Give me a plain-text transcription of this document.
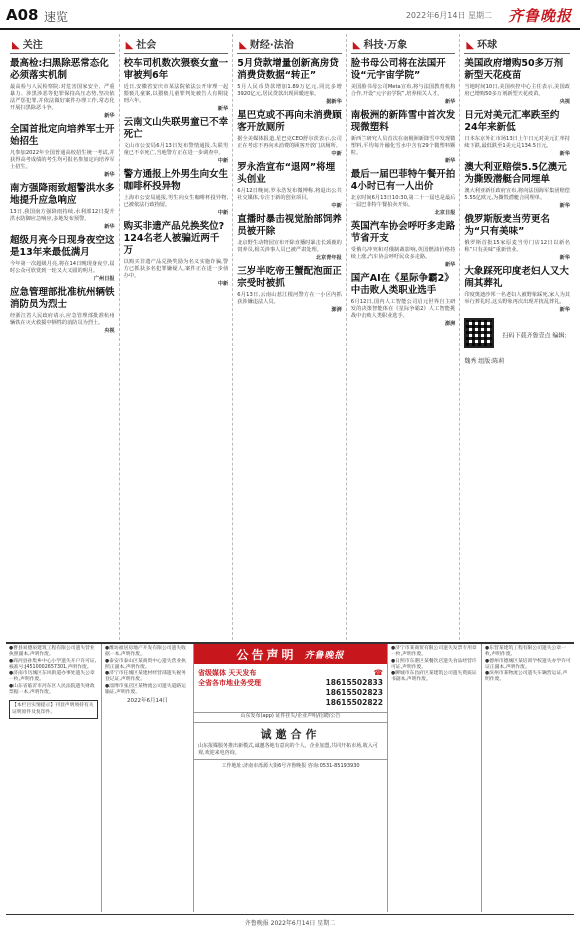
A08 速览	2022年6月14日 星期二 齐鲁晚报
◣ 关注
最高检:扫黑除恶常态化必须落实机制
最高检与人民检察院:对危害国家安全、严重暴力、涉黑涉恶等犯罪保持高压态势,坚决依法严惩犯罪,并依法做好案件办理工作,常态化开展扫黑除恶斗争。
新华
全国首批定向培养军士开始招生
凡参加2022年全国普通高校招生统一考试,并获得高考成绩的考生均可报名参加定向培养军士招生。
新华
南方强降雨致超警洪水多地提升应急响应
13日,我国南方强降雨持续,水利部12日提升洪水防御应急响应,多地发布预警。
新华
超级月亮今日现身夜空这是13年来最低满月
今年第一次超级月亮,将在14日晚现身夜空,届时公众可欣赏到一轮又大又圆的明月。
广州日报
应急管理部批准杭州辆铁消防员为烈士
经浙江省人民政府请示,应急管理部批准杭州辆铁在灭火救援中牺牲的消防员为烈士。
央视
◣ 社会
校车司机数次猥亵女童一审被判6年
近日,安徽省安庆市某法院依法公开审理一起猥亵儿童案,以猥亵儿童罪判处被告人有期徒刑六年。
新华
云南文山失联男童已不幸死亡
文山市公安局6月13日发布警情通报,失联男童已不幸死亡,当地警方正在进一步调查中。
中新
警方通报上外男生向女生咖啡杯投异物
上海市公安局通报,男生向女生咖啡杯投异物,已被依法行政拘留。
中新
购买非遗产品兑换奖位?124名老人被骗近两千万
以购买非遗产品兑换奖励为名义实施诈骗,警方已抓获多名犯罪嫌疑人,案件正在进一步侦办中。
中新
◣ 财经·法治
5月贷款增量创新高房贷消费贷数据“转正”
5月人民币贷款增加1.89万亿元,同比多增3920亿元,居民贷款出现回暖迹象。
据新华
星巴克或不再向未消费顾客开放厕所
据全美媒体报道,星巴克CEO舒尔茨表示,公司正在考虑不再向未消费的顾客开放门店厕所。
中新
罗永浩宣布“退网”将埋头创业
6月12日晚间,罗永浩发布微博称,将退出公共社交媒体,专注于新的创业项目。
中新
直播时暴击视觉胎部饲养员被开除
北京野生动物园宣布开除直播时暴击长颈鹿的饲养员,相关涉事人员已被严肃处理。
北京青年报
三岁半吃帝王蟹配泡面正宗受时被抓
6月13日,云南山惹江根河警方在一小区内抓获涉嫌违法人员。
澎湃
◣ 科技·万象
脸书母公司将在法国开设“元宇宙学院”
美国脸书母公司Meta宣布,将与法国教育机构合作,开设“元宇宙学院”,培养相关人才。
新华
南极洲的新阵雪中首次发现微塑料
新西兰研究人员首次在南极洲新降雪中发现微塑料,平均每升融化雪水中含有29个微塑料颗粒。
新华
最后一届巴菲特午餐开拍4小时已有一人出价
北京时间6月13日10:30,第二十一届也是最后一届巴菲特午餐拍卖开始。
北京日报
英国汽车协会呼吁多走路节省开支
受俄乌冲突和对俄制裁影响,英国燃油价格持续上涨,汽车协会呼吁民众多走路。
新华
国产AI在《星际争霸2》中击败人类职业选手
6月12日,国内人工智能公司启元世界自主研发的决策智能体在《星际争霸2》人工智能挑战中击败人类职业选手。
澎湃
◣ 环球
美国政府增购50多万剂新型天花疫苗
当地时间10日,美国疾控中心主任表示,美国政府已增购50多万剂新型天花疫苗。
央视
日元对美元汇率跌至约24年来新低
日本东京外汇市场13日上午日元对美元汇率持续下跌,最低跌至1美元兑134.5日元。
新华
澳大利亚赔偿5.5亿澳元为撕毁潜艇合同埋单
澳大利亚新任政府宣布,将向法国海军集团赔偿5.55亿欧元,为撕毁潜艇合同埋单。
新华
俄罗斯版麦当劳更名为“只有美味”
俄罗斯首批15家原麦当劳门店12日以新名称“只有美味”重新营业。
新华
大象踩死印度老妇人又大闹其葬礼
印度奥迪沙邦一名老妇人被野象踩死,家人为其举行葬礼时,这头野象再次出现并扰乱葬礼。
新华
扫码下载齐鲁壹点 编辑:魏秀 组版:陈莉
●曹县易德泉建筑工程有限公司遗失营业执照副本,声明作废。
●商河县孙集乡中心小学遗失开户许可证,核准号:J4510002657301,声明作废。
●济南市历城区东风街道办事处遗失公章一枚,声明作废。
●山东省临沂市河东区人民法院遗失财政票据一本,声明作废。
【本栏目实情提示】刊登声明须持有关证明原件及复印件。
●潍坊福居房地产开发有限公司遗失收据一本,声明作废。
●泰安市泰山区某商贸中心遗失营业执照正副本,声明作废。
●济宁市任城区某建材经营部遗失税务登记证,声明作废。
●淄博市张店区某物流公司遗失道路运输证,声明作废。
2022年6月14日
公告声明 齐鲁晚报
省级媒体 天天发布
全省各市地业务受理
☎
18615502833
18615502823
18615502822
山东发布(app) 证件挂失/企业声明/招聘/公告
诚邀合作
山东报媒服务推出新模式,诚邀各地有意向的个人、企业加盟,共同开拓市场,收入可观,欢迎来电咨询。
工作地址:济南市泺源大街6号齐鲁晚报 咨询:0531-85193930
●济宁市某商贸有限公司遗失发票专用章一枚,声明作废。
●日照市东港区某餐饮店遗失食品经营许可证,声明作废。
●聊城市东昌府区某建筑公司遗失资质证书副本,声明作废。
●东营某建筑工程有限公司遗失公章一枚,声明作废。
●德州市德城区某培训学校遗失办学许可证正副本,声明作废。
●滨州市某物流公司遗失车辆营运证,声明作废。
齐鲁晚报 2022年6月14日 星期二
